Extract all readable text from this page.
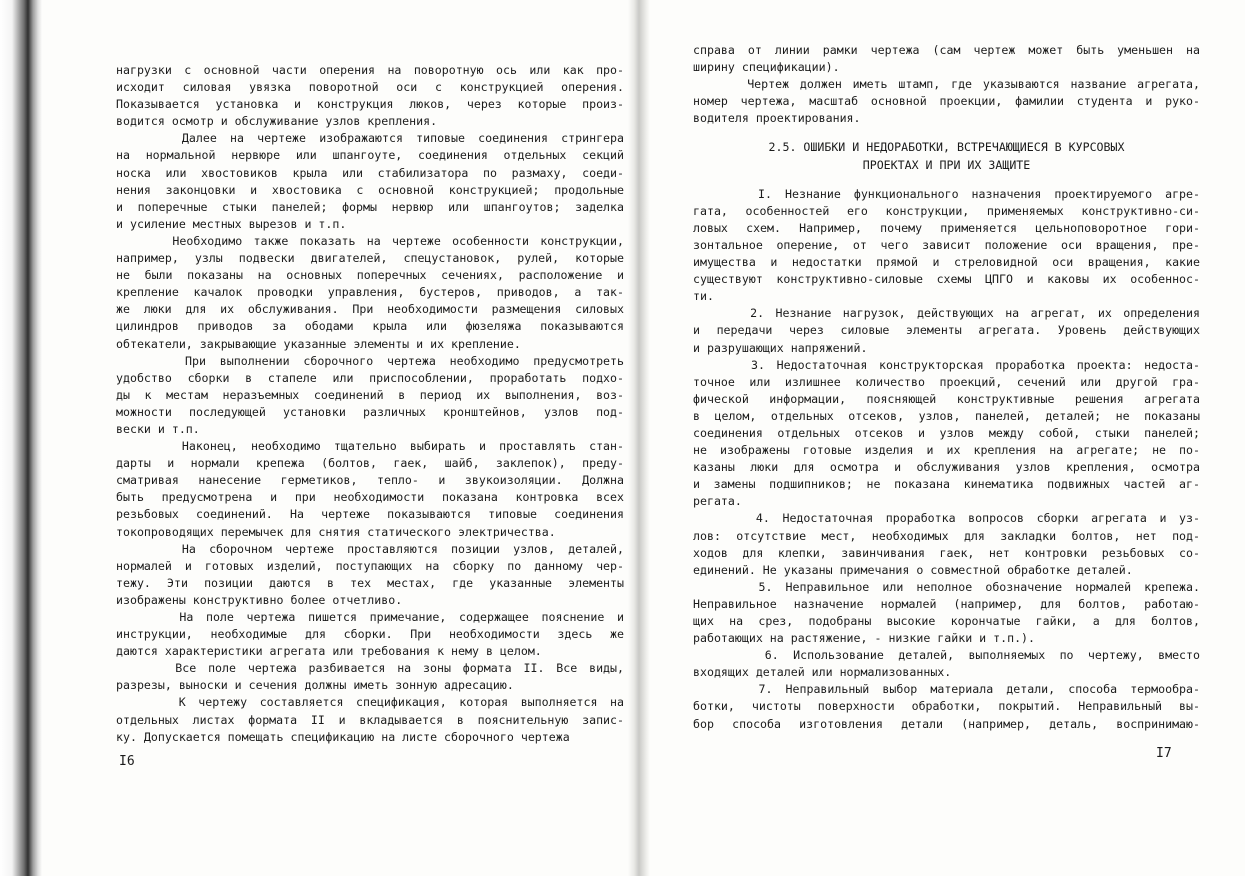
нагрузки с основной части оперения на поворотную ось или как про-
исходит силовая увязка поворотной оси с конструкцией оперения.
Показывается установка и конструкция люков, через которые произ-
водится осмотр и обслуживание узлов крепления.
Далее на чертеже изображаются типовые соединения стрингера
на нормальной нервюре или шпангоуте, соединения отдельных секций
носка или хвостовиков крыла или стабилизатора по размаху, соеди-
нения законцовки и хвостовика с основной конструкцией; продольные
и поперечные стыки панелей; формы нервюр или шпангоутов; заделка
и усиление местных вырезов и т.п.
Необходимо также показать на чертеже особенности конструкции,
например, узлы подвески двигателей, спецустановок, рулей, которые
не были показаны на основных поперечных сечениях, расположение и
крепление качалок проводки управления, бустеров, приводов, а так-
же люки для их обслуживания. При необходимости размещения силовых
цилиндров приводов за ободами крыла или фюзеляжа показываются
обтекатели, закрывающие указанные элементы и их крепление.
При выполнении сборочного чертежа необходимо предусмотреть
удобство сборки в стапеле или приспособлении, проработать подхо-
ды к местам неразъемных соединений в период их выполнения, воз-
можности последующей установки различных кронштейнов, узлов под-
вески и т.п.
Наконец, необходимо тщательно выбирать и проставлять стан-
дарты и нормали крепежа (болтов, гаек, шайб, заклепок), преду-
сматривая нанесение герметиков, тепло- и звукоизоляции. Должна
быть предусмотрена и при необходимости показана контровка всех
резьбовых соединений. На чертеже показываются типовые соединения
токопроводящих перемычек для снятия статического электричества.
На сборочном чертеже проставляются позиции узлов, деталей,
нормалей и готовых изделий, поступающих на сборку по данному чер-
тежу. Эти позиции даются в тех местах, где указанные элементы
изображены конструктивно более отчетливо.
На поле чертежа пишется примечание, содержащее пояснение и
инструкции, необходимые для сборки. При необходимости здесь же
даются характеристики агрегата или требования к нему в целом.
Все поле чертежа разбивается на зоны формата II. Все виды,
разрезы, выноски и сечения должны иметь зонную адресацию.
К чертежу составляется спецификация, которая выполняется на
отдельных листах формата II и вкладывается в пояснительную запис-
ку. Допускается помещать спецификацию на листе сборочного чертежа
I6
справа от линии рамки чертежа (сам чертеж может быть уменьшен на
ширину спецификации).
Чертеж должен иметь штамп, где указываются название агрегата,
номер чертежа, масштаб основной проекции, фамилии студента и руко-
водителя проектирования.
2.5. ОШИБКИ И НЕДОРАБОТКИ, ВСТРЕЧАЮЩИЕСЯ В КУРСОВЫХ
ПРОЕКТАХ И ПРИ ИХ ЗАЩИТЕ
I. Незнание функционального назначения проектируемого агре-
гата, особенностей его конструкции, применяемых конструктивно-си-
ловых схем. Например, почему применяется цельноповоротное гори-
зонтальное оперение, от чего зависит положение оси вращения, пре-
имущества и недостатки прямой и стреловидной оси вращения, какие
существуют конструктивно-силовые схемы ЦПГО и каковы их особеннос-
ти.
2. Незнание нагрузок, действующих на агрегат, их определения
и передачи через силовые элементы агрегата. Уровень действующих
и разрушающих напряжений.
3. Недостаточная конструкторская проработка проекта: недоста-
точное или излишнее количество проекций, сечений или другой гра-
фической информации, поясняющей конструктивные решения агрегата
в целом, отдельных отсеков, узлов, панелей, деталей; не показаны
соединения отдельных отсеков и узлов между собой, стыки панелей;
не изображены готовые изделия и их крепления на агрегате; не по-
казаны люки для осмотра и обслуживания узлов крепления, осмотра
и замены подшипников; не показана кинематика подвижных частей аг-
регата.
4. Недостаточная проработка вопросов сборки агрегата и уз-
лов: отсутствие мест, необходимых для закладки болтов, нет под-
ходов для клепки, завинчивания гаек, нет контровки резьбовых со-
единений. Не указаны примечания о совместной обработке деталей.
5. Неправильное или неполное обозначение нормалей крепежа.
Неправильное назначение нормалей (например, для болтов, работаю-
щих на срез, подобраны высокие корончатые гайки, а для болтов,
работающих на растяжение, - низкие гайки и т.п.).
6. Использование деталей, выполняемых по чертежу, вместо
входящих деталей или нормализованных.
7. Неправильный выбор материала детали, способа термообра-
ботки, чистоты поверхности обработки, покрытий. Неправильный вы-
бор способа изготовления детали (например, деталь, воспринимаю-
I7
